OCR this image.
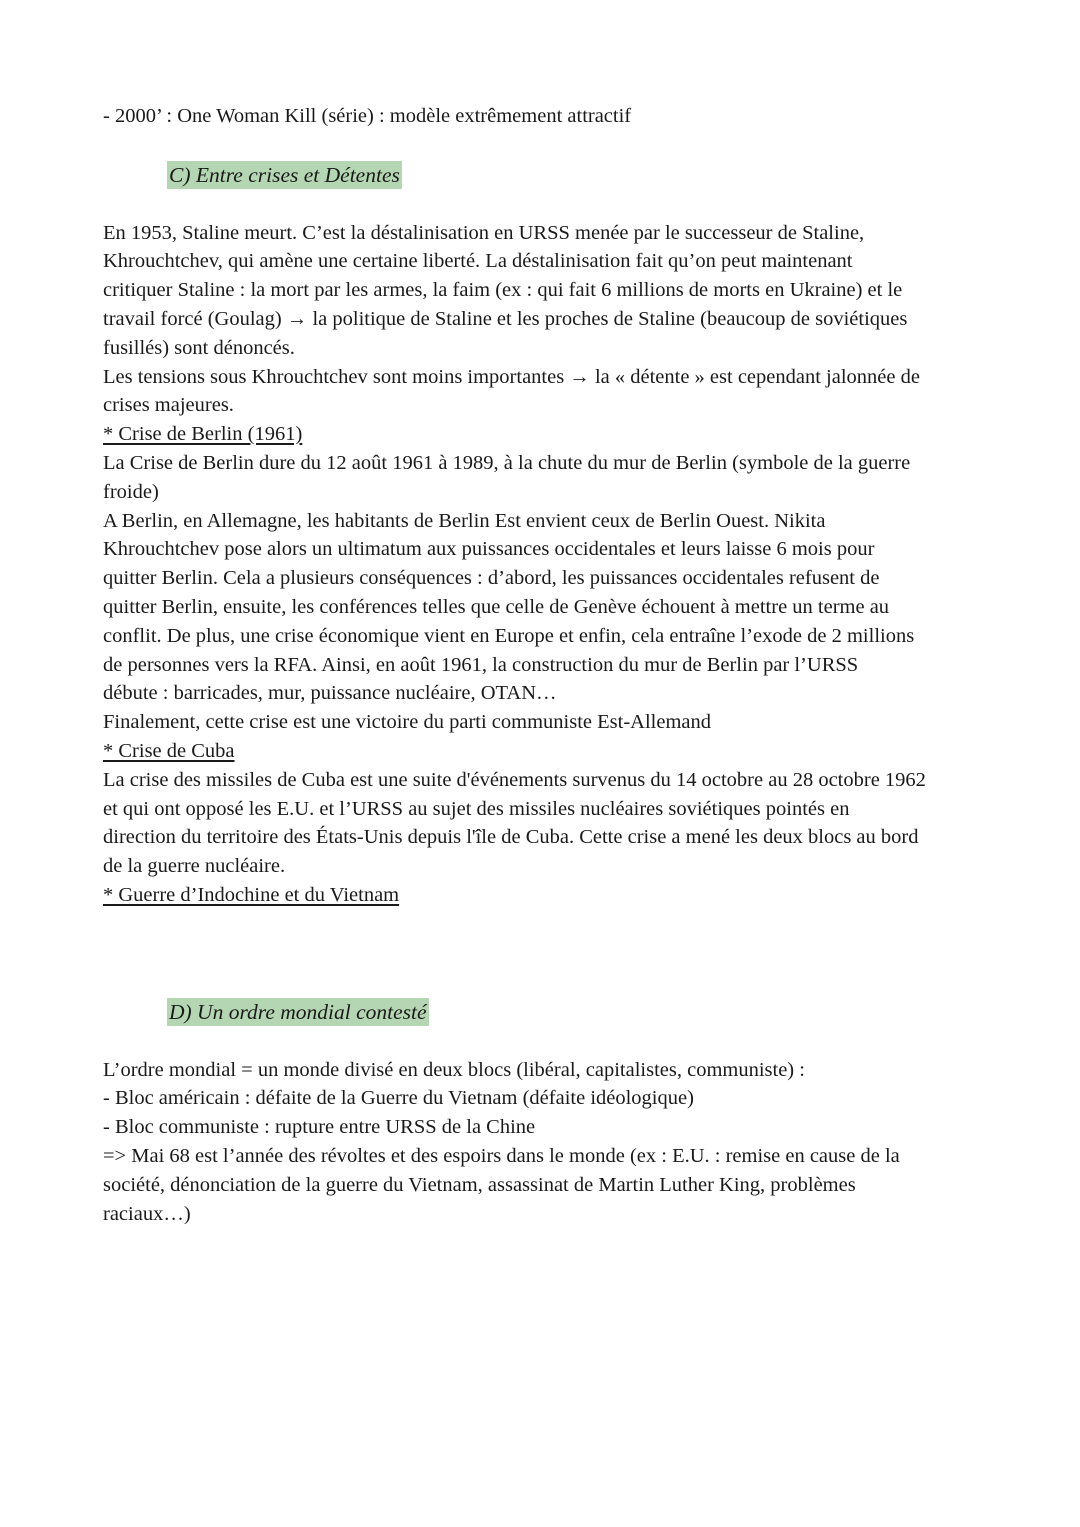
- 2000’ : One Woman Kill (série) : modèle extrêmement attractif
C) Entre crises et Détentes
En 1953, Staline meurt. C’est la déstalinisation en URSS menée par le successeur de Staline,
Khrouchtchev, qui amène une certaine liberté. La déstalinisation fait qu’on peut maintenant
critiquer Staline : la mort par les armes, la faim (ex : qui fait 6 millions de morts en Ukraine) et le
travail forcé (Goulag) → la politique de Staline et les proches de Staline (beaucoup de soviétiques
fusillés) sont dénoncés.
Les tensions sous Khrouchtchev sont moins importantes → la « détente » est cependant jalonnée de
crises majeures.
* Crise de Berlin (1961)
La Crise de Berlin dure du 12 août 1961 à 1989, à la chute du mur de Berlin (symbole de la guerre
froide)
A Berlin, en Allemagne, les habitants de Berlin Est envient ceux de Berlin Ouest. Nikita
Khrouchtchev pose alors un ultimatum aux puissances occidentales et leurs laisse 6 mois pour
quitter Berlin. Cela a plusieurs conséquences : d’abord, les puissances occidentales refusent de
quitter Berlin, ensuite, les conférences telles que celle de Genève échouent à mettre un terme au
conflit. De plus, une crise économique vient en Europe et enfin, cela entraîne l’exode de 2 millions
de personnes vers la RFA. Ainsi, en août 1961, la construction du mur de Berlin par l’URSS
débute : barricades, mur, puissance nucléaire, OTAN…
Finalement, cette crise est une victoire du parti communiste Est-Allemand
* Crise de Cuba
La crise des missiles de Cuba est une suite d'événements survenus du 14 octobre au 28 octobre 1962
et qui ont opposé les E.U. et l’URSS au sujet des missiles nucléaires soviétiques pointés en
direction du territoire des États-Unis depuis l'île de Cuba. Cette crise a mené les deux blocs au bord
de la guerre nucléaire.
* Guerre d’Indochine et du Vietnam
D) Un ordre mondial contesté
L’ordre mondial = un monde divisé en deux blocs (libéral, capitalistes, communiste) :
- Bloc américain : défaite de la Guerre du Vietnam (défaite idéologique)
- Bloc communiste : rupture entre URSS de la Chine
=> Mai 68 est l’année des révoltes et des espoirs dans le monde (ex : E.U. : remise en cause de la
société, dénonciation de la guerre du Vietnam, assassinat de Martin Luther King, problèmes
raciaux…)
